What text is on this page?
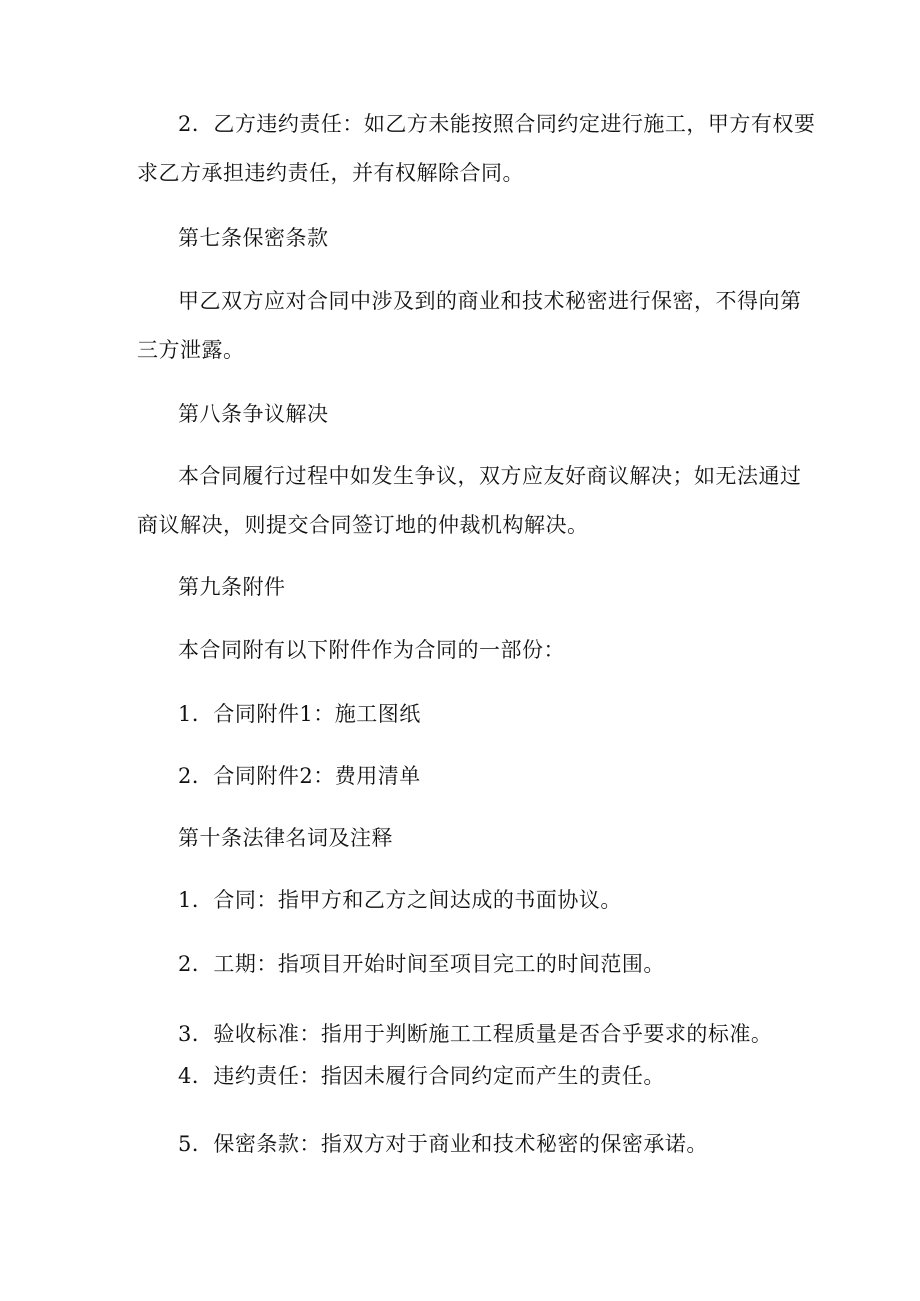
2．乙方违约责任：如乙方未能按照合同约定进行施工，甲方有权要
求乙方承担违约责任，并有权解除合同。
第七条保密条款
甲乙双方应对合同中涉及到的商业和技术秘密进行保密，不得向第
三方泄露。
第八条争议解决
本合同履行过程中如发生争议，双方应友好商议解决；如无法通过
商议解决，则提交合同签订地的仲裁机构解决。
第九条附件
本合同附有以下附件作为合同的一部份：
1．合同附件1：施工图纸
2．合同附件2：费用清单
第十条法律名词及注释
1．合同：指甲方和乙方之间达成的书面协议。
2．工期：指项目开始时间至项目完工的时间范围。
3．验收标准：指用于判断施工工程质量是否合乎要求的标准。
4．违约责任：指因未履行合同约定而产生的责任。
5．保密条款：指双方对于商业和技术秘密的保密承诺。
